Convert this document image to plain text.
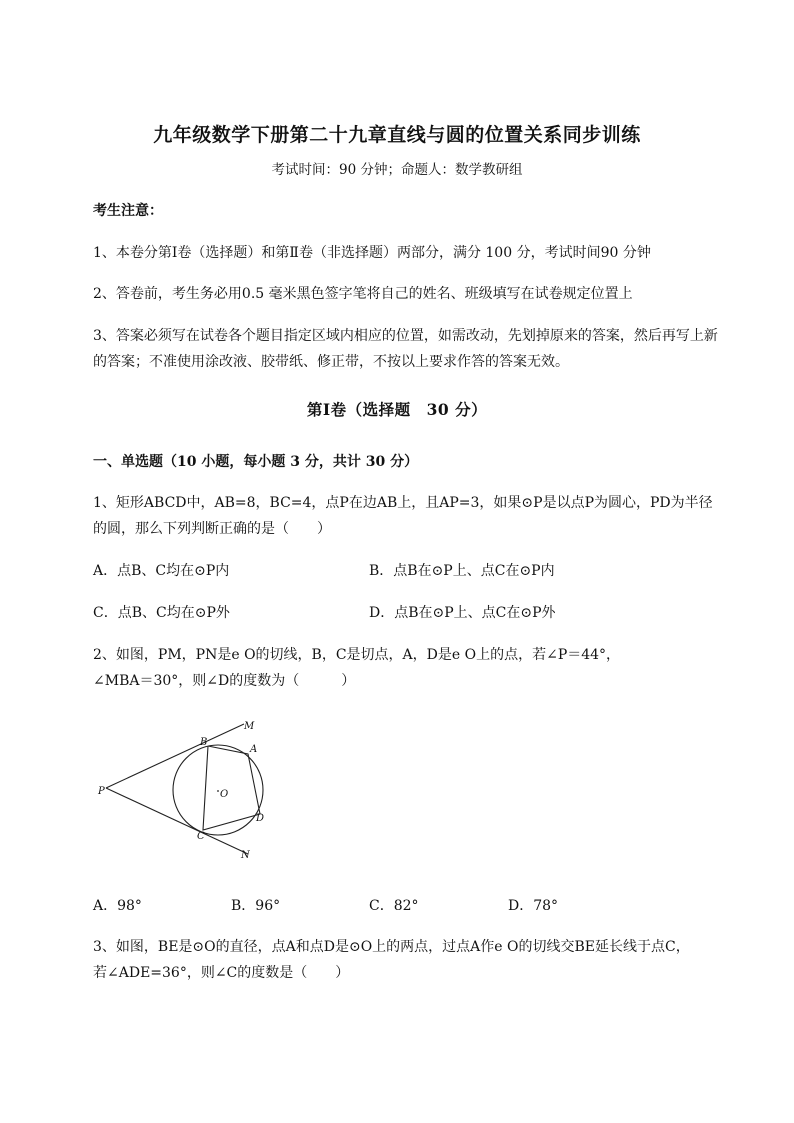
九年级数学下册第二十九章直线与圆的位置关系同步训练
考试时间：90 分钟；命题人：数学教研组
考生注意：
1、本卷分第Ⅰ卷（选择题）和第Ⅱ卷（非选择题）两部分，满分 100 分，考试时间90 分钟
2、答卷前，考生务必用0.5 毫米黑色签字笔将自己的姓名、班级填写在试卷规定位置上
3、答案必须写在试卷各个题目指定区域内相应的位置，如需改动，先划掉原来的答案，然后再写上新
的答案；不准使用涂改液、胶带纸、修正带，不按以上要求作答的答案无效。
第Ⅰ卷（选择题　30 分）
一、单选题（10 小题，每小题 3 分，共计 30 分）
1、矩形ABCD中，AB=8，BC=4，点P在边AB上，且AP=3，如果⊙P是以点P为圆心，PD为半径
的圆，那么下列判断正确的是（　　）
A．点B、C均在⊙P内	B．点B在⊙P上、点C在⊙P内
C．点B、C均在⊙P外	D．点B在⊙P上、点C在⊙P外
2、如图，PM，PN是e O的切线，B，C是切点，A，D是e O上的点，若∠P＝44°，
∠MBA＝30°，则∠D的度数为（　　　）
M
B
A
P	O
D
C
N
A．98°	B．96°	C．82°	D．78°
3、如图，BE是⊙O的直径，点A和点D是⊙O上的两点，过点A作e O的切线交BE延长线于点C，
若∠ADE=36°，则∠C的度数是（　　）
